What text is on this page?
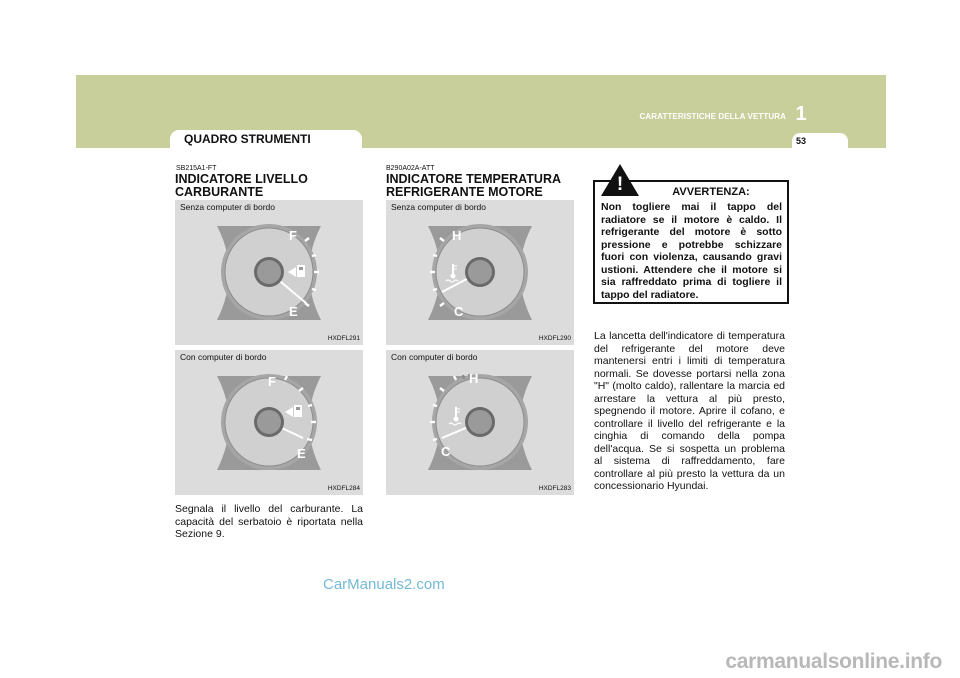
QUADRO STRUMENTI
CARATTERISTICHE DELLA VETTURA 1
53
SB215A1-FT
INDICATORE LIVELLO CARBURANTE
Senza computer di bordo
F
E
HXDFL291
Con computer di bordo
F
E
HXDFL284
Segnala il livello del carburante. La capacità del serbatoio è riportata nella Sezione 9.
B290A02A-ATT
INDICATORE TEMPERATURA REFRIGERANTE MOTORE
Senza computer di bordo
H
C
HXDFL290
Con computer di bordo
H
C
HXDFL283
AVVERTENZA:
Non togliere mai il tappo del radiatore se il motore è caldo. Il refrigerante del motore è sotto pressione e potrebbe schizzare fuori con violenza, causando gravi ustioni. Attendere che il motore si sia raffreddato prima di togliere il tappo del radiatore.
!
La lancetta dell'indicatore di temperatura del refrigerante del motore deve mantenersi entri i limiti di temperatura normali. Se dovesse portarsi nella zona "H" (molto caldo), rallentare la marcia ed arrestare la vettura al più presto, spegnendo il motore. Aprire il cofano, e controllare il livello del refrigerante e la cinghia di comando della pompa dell'acqua. Se si sospetta un problema al sistema di raffreddamento, fare controllare al più presto la vettura da un concessionario Hyundai.
CarManuals2.com
carmanualsonline.info
